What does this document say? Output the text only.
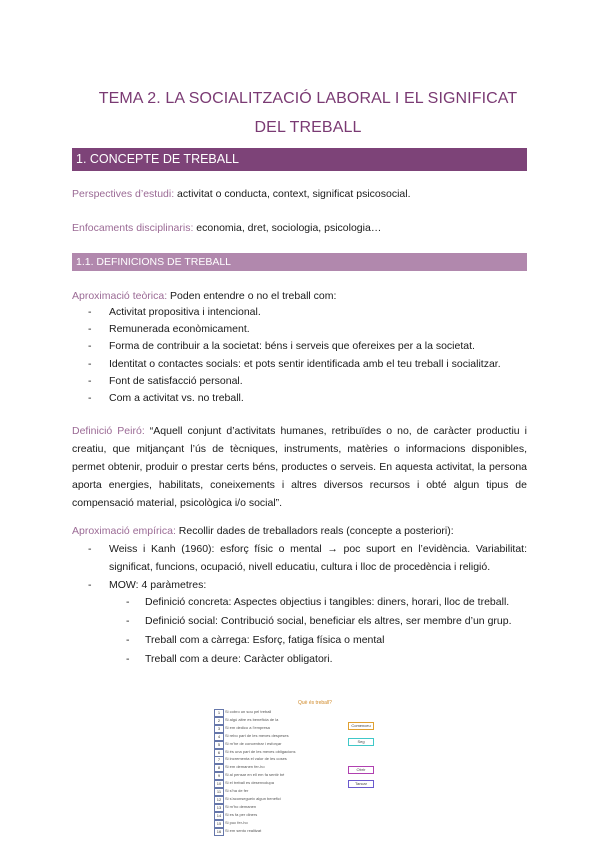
TEMA 2. LA SOCIALITZACIÓ LABORAL I EL SIGNIFICAT DEL TREBALL
1. CONCEPTE DE TREBALL
Perspectives d’estudi: activitat o conducta, context, significat psicosocial.
Enfocaments disciplinaris: economia, dret, sociologia, psicologia…
1.1. DEFINICIONS DE TREBALL
Aproximació teòrica: Poden entendre o no el treball com:
- Activitat propositiva i intencional.
- Remunerada econòmicament.
- Forma de contribuir a la societat: béns i serveis que ofereixes per a la societat.
- Identitat o contactes socials: et pots sentir identificada amb el teu treball i socialitzar.
- Font de satisfacció personal.
- Com a activitat vs. no treball.
Definició Peiró: “Aquell conjunt d’activitats humanes, retribuïdes o no, de caràcter productiu i creatiu, que mitjançant l’ús de tècniques, instruments, matèries o informacions disponibles, permet obtenir, produir o prestar certs béns, productes o serveis. En aquesta activitat, la persona aporta energies, habilitats, coneixements i altres diversos recursos i obté algun tipus de compensació material, psicològica i/o social”.
Aproximació empírica: Recollir dades de treballadors reals (concepte a posteriori):
- Weiss i Kanh (1960): esforç físic o mental → poc suport en l’evidència. Variabilitat: significat, funcions, ocupació, nivell educatiu, cultura i lloc de procedència i religió.
- MOW: 4 paràmetres:
- Definició concreta: Aspectes objectius i tangibles: diners, horari, lloc de treball.
- Definició social: Contribució social, beneficiar els altres, ser membre d’un grup.
- Treball com a càrrega: Esforç, fatiga física o mental
- Treball com a deure: Caràcter obligatori.
Què és treball?
1
2
3
4
5
6
7
8
9
10
11
12
13
14
15
16
Si cobro un sou pel treball
Si algú altre es beneficia de la
Si em dedico a l’empresa
Si rebo part de les meves despeses
Si m’he de concentrar i esforçar
Si és una part de les meves obligacions
Si incrementa el valor de les coses
Si em demanen fer-ho
Si al pensar en ell em fa sentir bé
Si el treball es desenvolupa
Si s’ha de fer
Si s’aconsegueix algun benefici
Si m’ho demanen
Si es fa per diners
Si puc fer-ho
Si em sento realitzat
Comenceu
Seg
Obrir
Tancar
